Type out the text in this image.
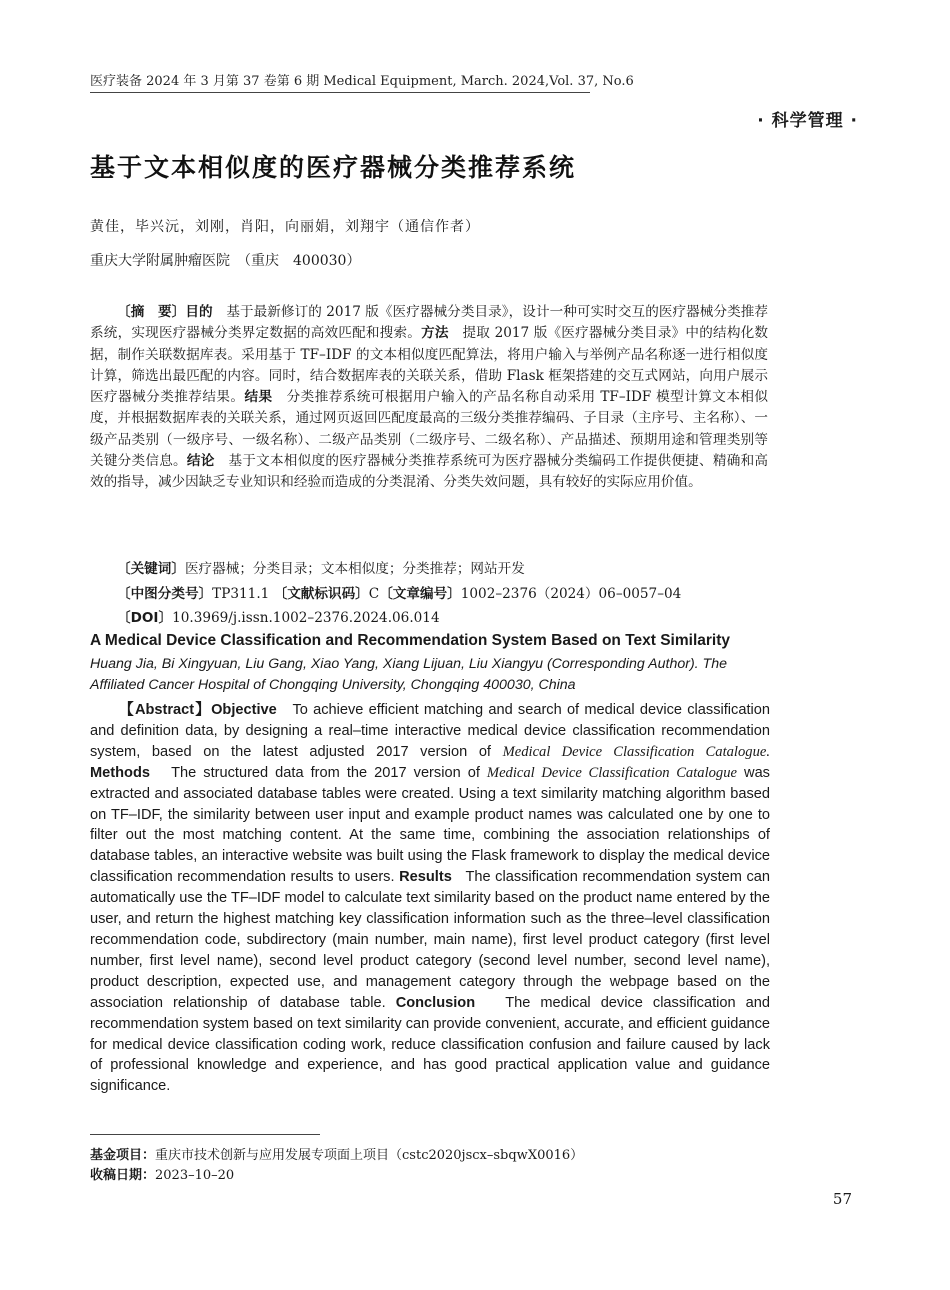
医疗装备 2024 年 3 月第 37 卷第 6 期 Medical Equipment, March. 2024,Vol. 37, No.6
· 科学管理 ·
基于文本相似度的医疗器械分类推荐系统
黄佳，毕兴沅，刘刚，肖阳，向丽娟，刘翔宇（通信作者）
重庆大学附属肿瘤医院　（重庆　400030）
〔摘　要〕目的　 基于最新修订的 2017 版《医疗器械分类目录》，设计一种可实时交互的医疗器械分类推荐系统，实现医疗器械分类界定数据的高效匹配和搜索。方法　 提取 2017 版《医疗器械分类目录》中的结构化数据，制作关联数据库表。采用基于 TF–IDF 的文本相似度匹配算法，将用户输入与举例产品名称逐一进行相似度计算，筛选出最匹配的内容。同时，结合数据库表的关联关系，借助 Flask 框架搭建的交互式网站，向用户展示医疗器械分类推荐结果。结果　 分类推荐系统可根据用户输入的产品名称自动采用 TF–IDF 模型计算文本相似度，并根据数据库表的关联关系，通过网页返回匹配度最高的三级分类推荐编码、子目录（主序号、主名称）、一级产品类别（一级序号、一级名称）、二级产品类别（二级序号、二级名称）、产品描述、预期用途和管理类别等关键分类信息。结论　 基于文本相似度的医疗器械分类推荐系统可为医疗器械分类编码工作提供便捷、精确和高效的指导，减少因缺乏专业知识和经验而造成的分类混淆、分类失效问题，具有较好的实际应用价值。
〔关键词〕医疗器械；分类目录；文本相似度；分类推荐；网站开发
〔中图分类号〕TP311.1 〔文献标识码〕C〔文章编号〕1002–2376（2024）06–0057–04
〔DOI〕10.3969/j.issn.1002–2376.2024.06.014
A Medical Device Classification and Recommendation System Based on Text Similarity
Huang Jia, Bi Xingyuan, Liu Gang, Xiao Yang, Xiang Lijuan, Liu Xiangyu (Corresponding Author). The Affiliated Cancer Hospital of Chongqing University, Chongqing 400030, China
【Abstract】Objective To achieve efficient matching and search of medical device classification and definition data, by designing a real–time interactive medical device classification recommendation system, based on the latest adjusted 2017 version of Medical Device Classification Catalogue. Methods The structured data from the 2017 version of Medical Device Classification Catalogue was extracted and associated database tables were created. Using a text similarity matching algorithm based on TF–IDF, the similarity between user input and example product names was calculated one by one to filter out the most matching content. At the same time, combining the association relationships of database tables, an interactive website was built using the Flask framework to display the medical device classification recommendation results to users. Results The classification recommendation system can automatically use the TF–IDF model to calculate text similarity based on the product name entered by the user, and return the highest matching key classification information such as the three–level classification recommendation code, subdirectory (main number, main name), first level product category (first level number, first level name), second level product category (second level number, second level name), product description, expected use, and management category through the webpage based on the association relationship of database table. Conclusion The medical device classification and recommendation system based on text similarity can provide convenient, accurate, and efficient guidance for medical device classification coding work, reduce classification confusion and failure caused by lack of professional knowledge and experience, and has good practical application value and guidance significance.
基金项目：重庆市技术创新与应用发展专项面上项目（cstc2020jscx–sbqwX0016）
收稿日期：2023–10–20
57
